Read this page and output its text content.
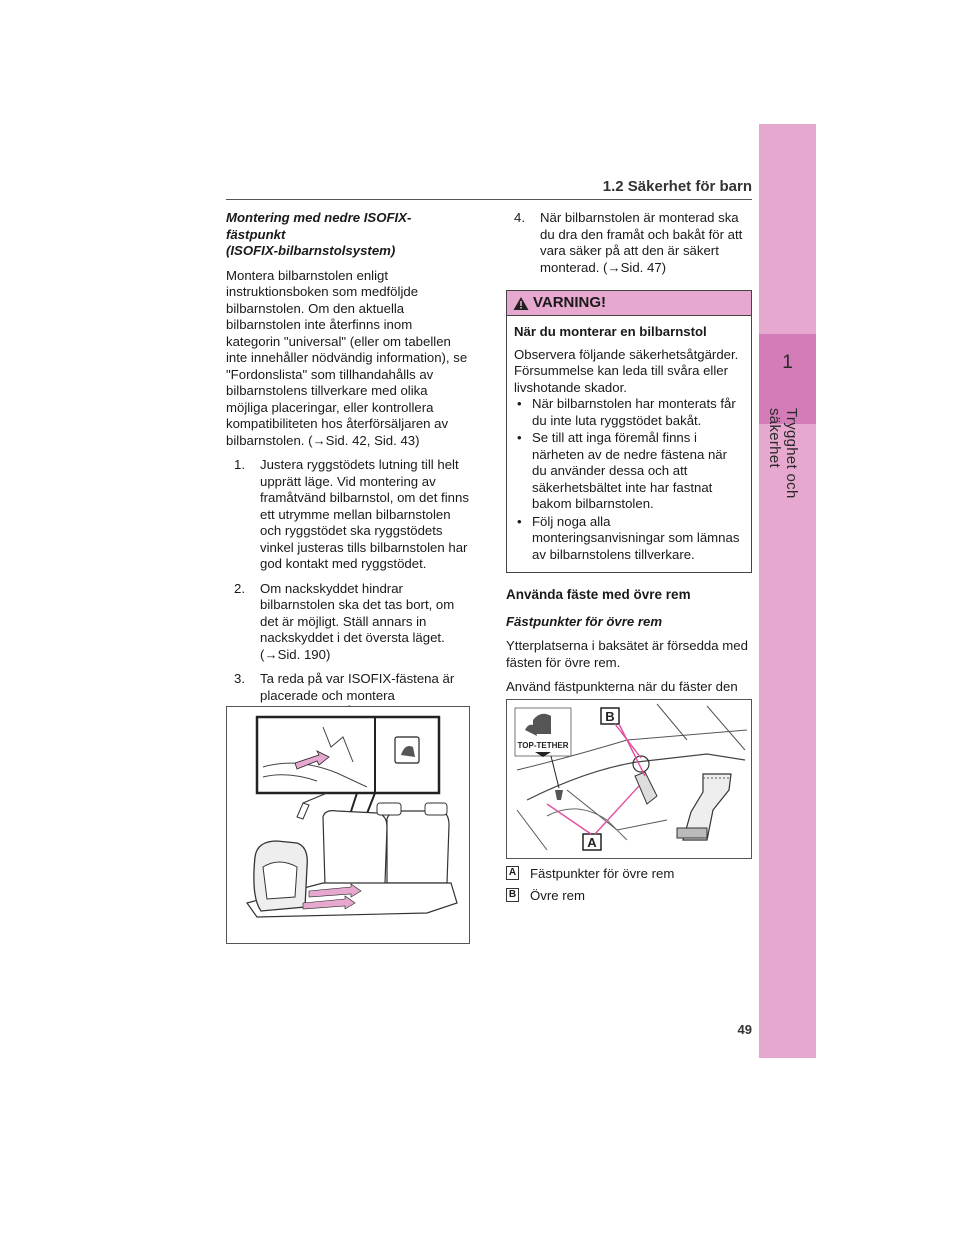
1
Trygghet och säkerhet
1.2 Säkerhet för barn
Montering med nedre ISOFIX-fästpunkt
(ISOFIX-bilbarnstolsystem)

Montera bilbarnstolen enligt instruktionsboken som medföljde bilbarnstolen. Om den aktuella bilbarnstolen inte återfinns inom kategorin "universal" (eller om tabellen inte innehåller nödvändig information), se "Fordonslista" som tillhandahålls av bilbarnstolens tillverkare med olika möjliga placeringar, eller kontrollera kompatibiliteten hos återförsäljaren av bilbarnstolen. (→Sid. 42, Sid. 43)

1. Justera ryggstödets lutning till helt upprätt läge. Vid montering av framåtvänd bilbarnstol, om det finns ett utrymme mellan bilbarnstolen och ryggstödet ska ryggstödets vinkel justeras tills bilbarnstolen har god kontakt med ryggstödet.
2. Om nackskyddet hindrar bilbarnstolen ska det tas bort, om det är möjligt. Ställ annars in nackskyddet i det översta läget. (→Sid. 190)
3. Ta reda på var ISOFIX-fästena är placerade och montera
4. När bilbarnstolen är monterad ska du dra den framåt och bakåt för att vara säker på att den är säkert monterad. (→Sid. 47)
VARNING!
När du monterar en bilbarnstol
Observera följande säkerhetsåtgärder. Försummelse kan leda till svåra eller livshotande skador.
• När bilbarnstolen har monterats får du inte luta ryggstödet bakåt.
• Se till att inga föremål finns i närheten av de nedre fästena när du använder dessa och att säkerhetsbältet inte har fastnat bakom bilbarnstolen.
• Följ noga alla monteringsanvisningar som lämnas av bilbarnstolens tillverkare.
Använda fäste med övre rem
Fästpunkter för övre rem

Ytterplatserna i baksätet är försedda med fästen för övre rem.

Använd fästpunkterna när du fäster den

TOP-TETHER
B
A
A Fästpunkter för övre rem
B Övre rem
49
